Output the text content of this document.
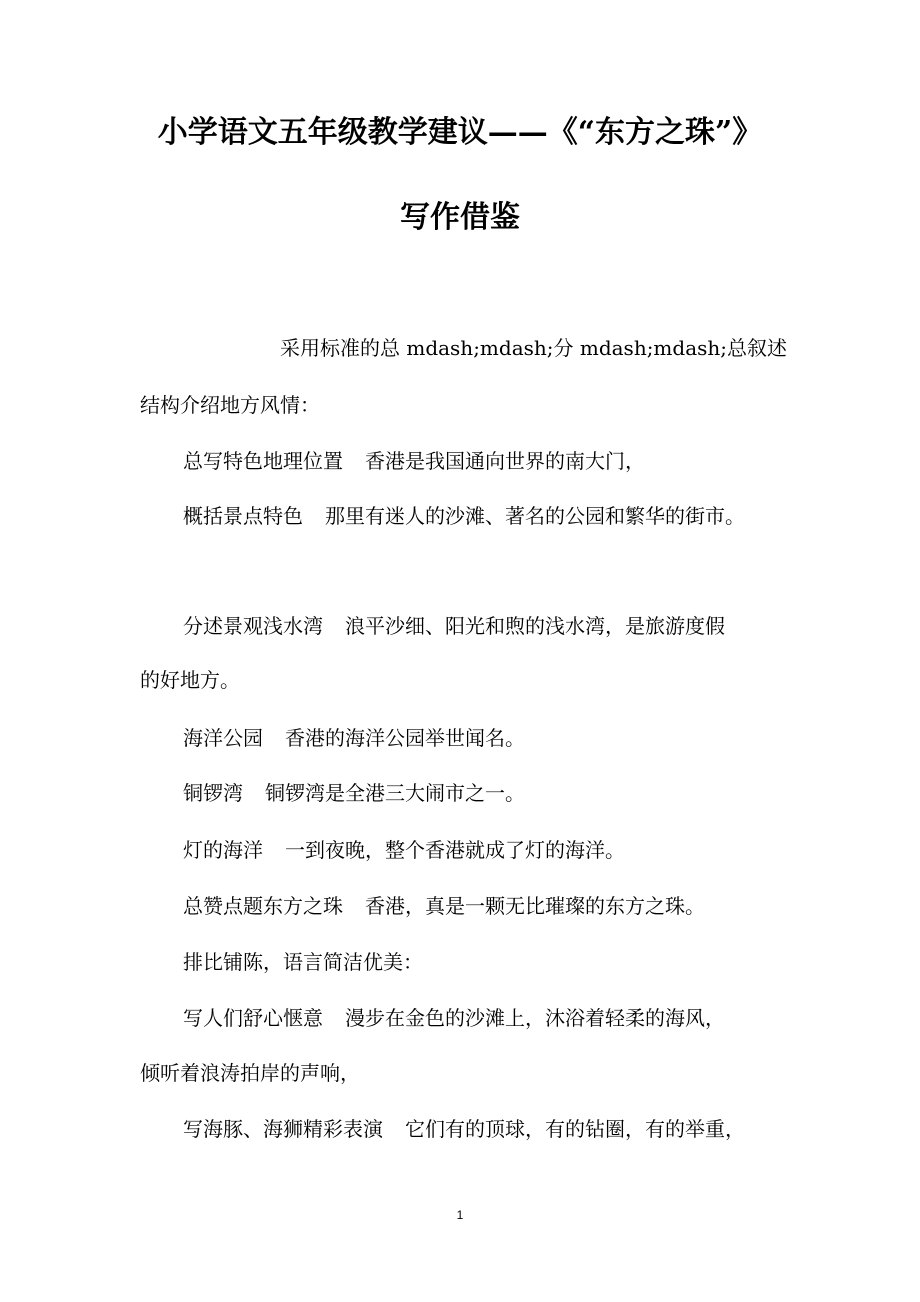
小学语文五年级教学建议——《“东方之珠”》
写作借鉴
采用标准的总 mdash;mdash;分 mdash;mdash;总叙述
结构介绍地方风情：
总写特色地理位置 香港是我国通向世界的南大门，
概括景点特色 那里有迷人的沙滩、著名的公园和繁华的街市。
分述景观浅水湾 浪平沙细、阳光和煦的浅水湾，是旅游度假
的好地方。
海洋公园 香港的海洋公园举世闻名。
铜锣湾 铜锣湾是全港三大闹市之一。
灯的海洋 一到夜晚，整个香港就成了灯的海洋。
总赞点题东方之珠 香港，真是一颗无比璀璨的东方之珠。
排比铺陈，语言简洁优美：
写人们舒心惬意 漫步在金色的沙滩上，沐浴着轻柔的海风，
倾听着浪涛拍岸的声响，
写海豚、海狮精彩表演 它们有的顶球，有的钻圈，有的举重，
1
